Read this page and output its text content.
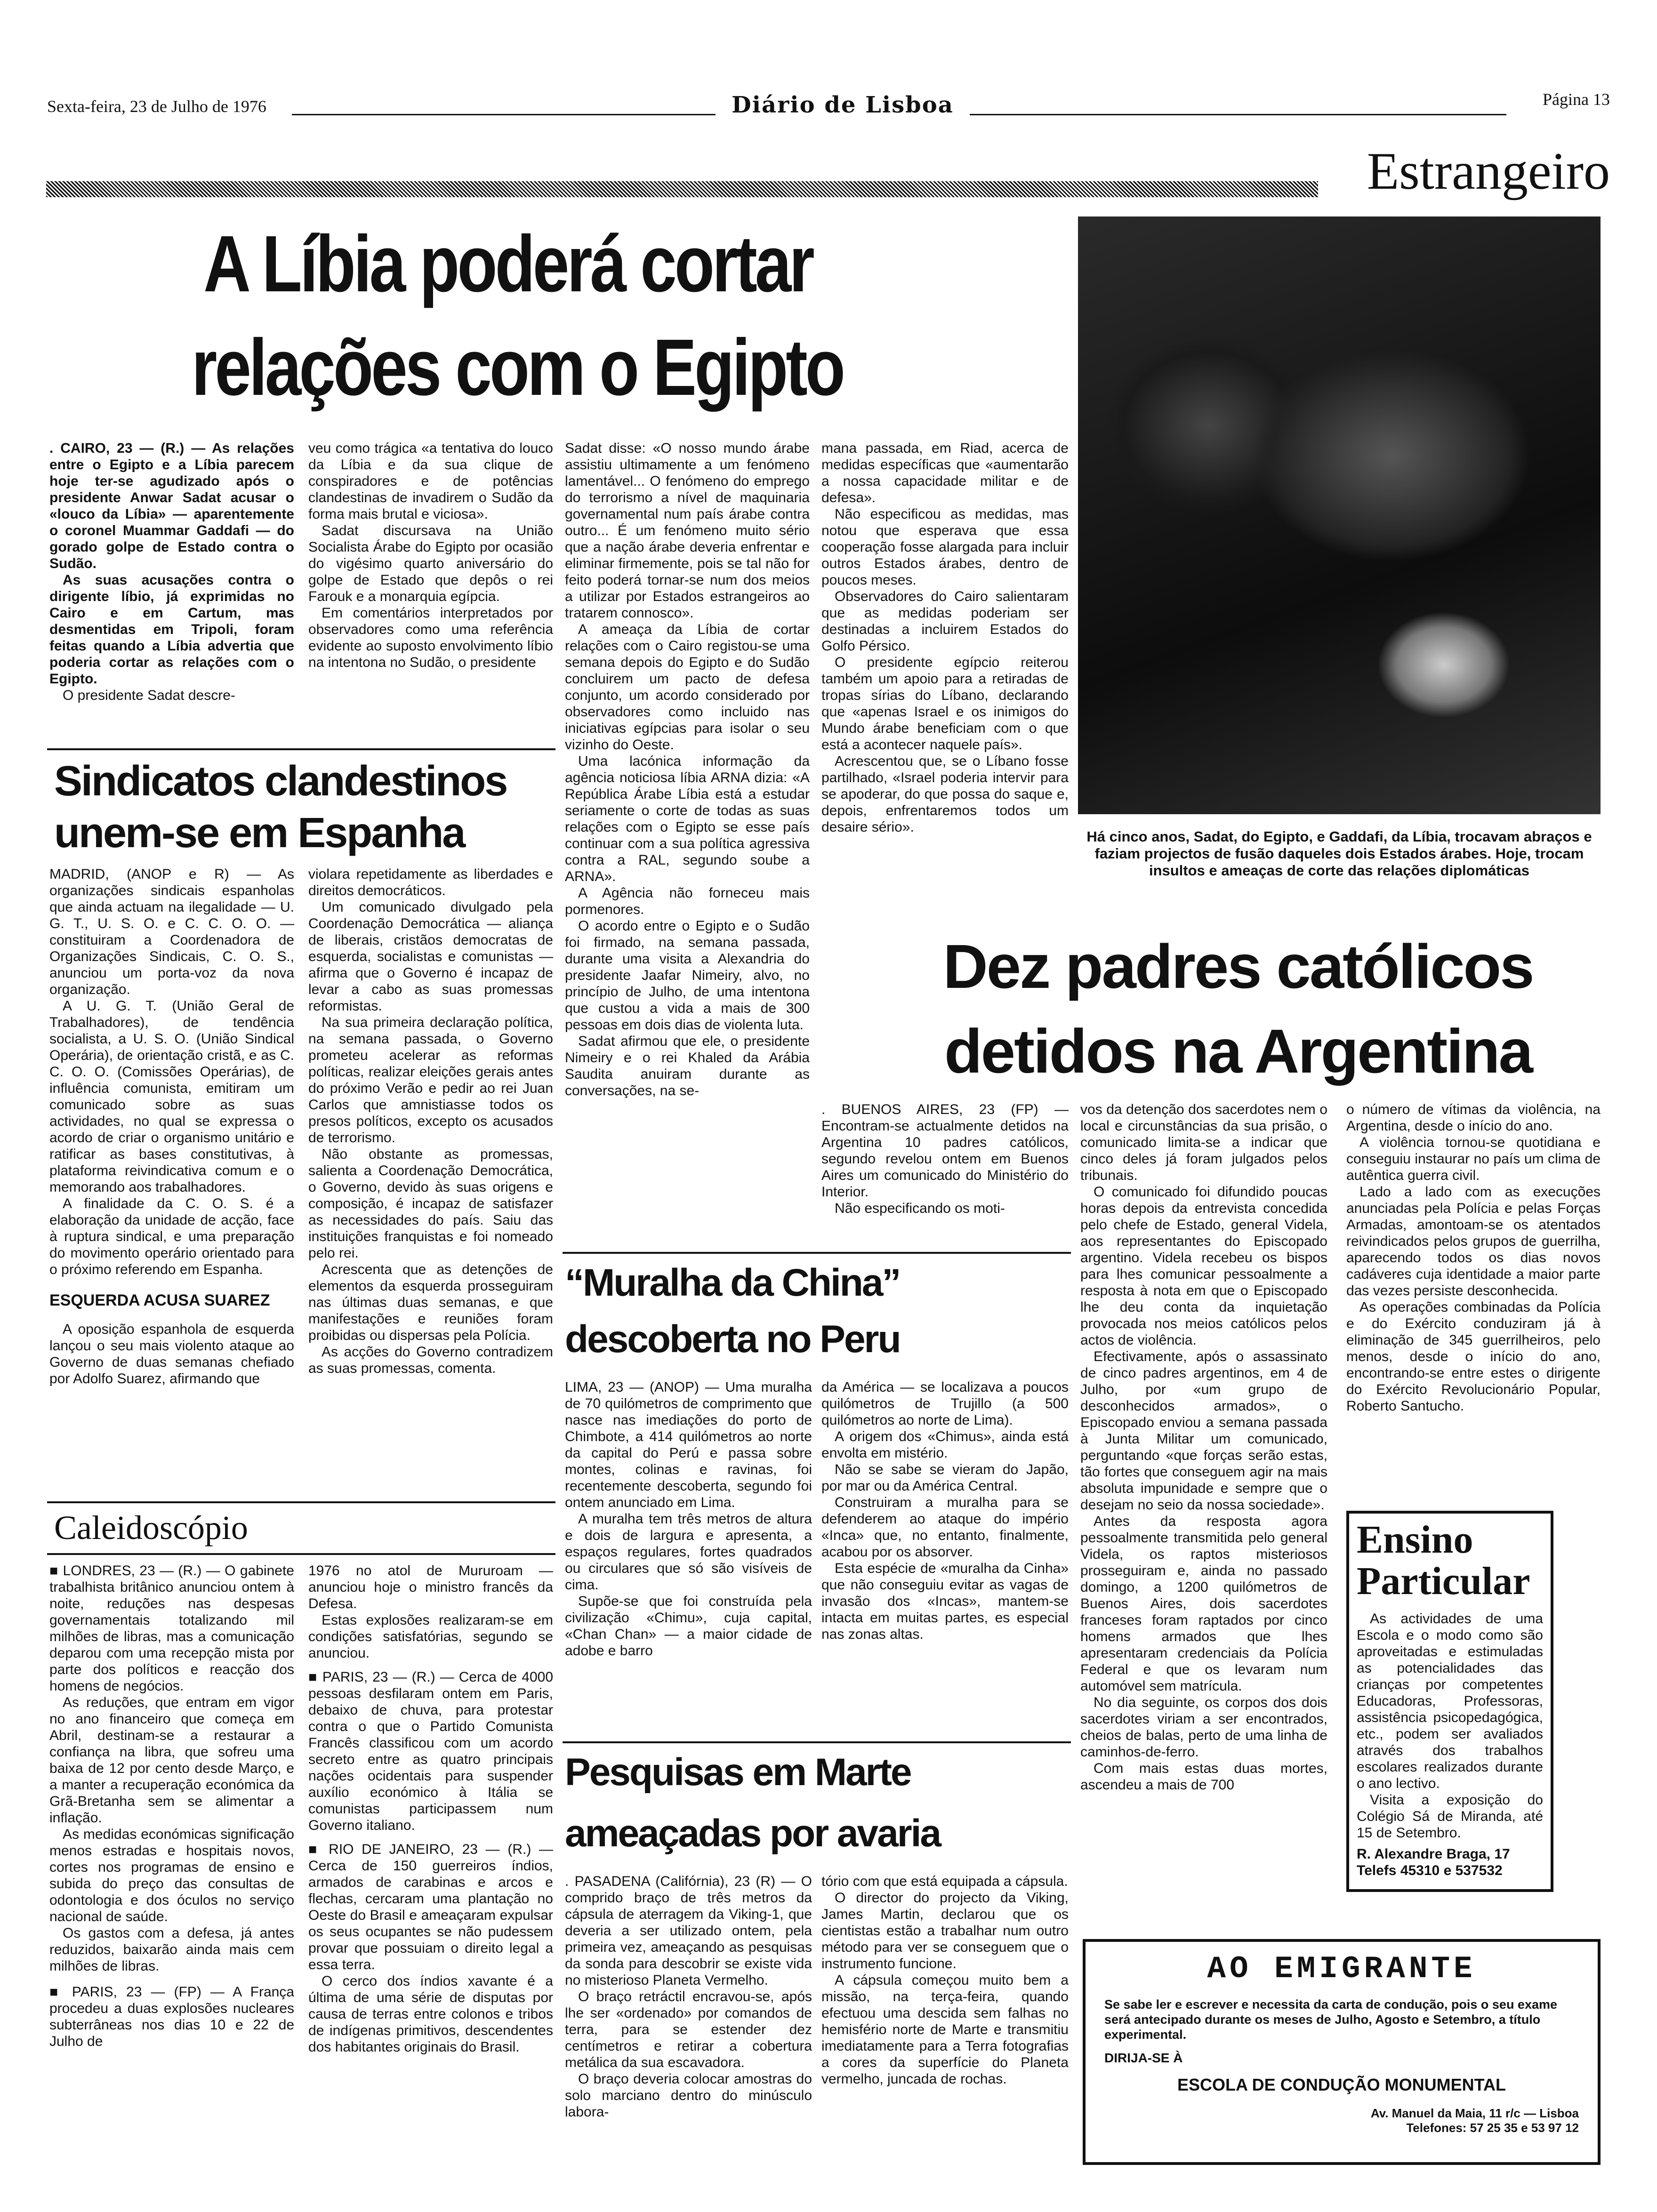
Sexta-feira, 23 de Julho de 1976	Diário de Lisboa	Página 13
Estrangeiro
A Líbia poderá cortar
relações com o Egipto

. CAIRO, 23 — (R.) — As relações entre o Egipto e a Líbia parecem hoje ter-se agudizado após o presidente Anwar Sadat acusar o «louco da Líbia» — aparentemente o coronel Muammar Gaddafi — do gorado golpe de Estado contra o Sudão.

As suas acusações contra o dirigente líbio, já exprimidas no Cairo e em Cartum, mas desmentidas em Tripoli, foram feitas quando a Líbia advertia que poderia cortar as relações com o Egipto.

O presidente Sadat descre-

veu como trágica «a tentativa do louco da Líbia e da sua clique de conspiradores e de potências clandestinas de invadirem o Sudão da forma mais brutal e viciosa».

Sadat discursava na União Socialista Árabe do Egipto por ocasião do vigésimo quarto aniversário do golpe de Estado que depôs o rei Farouk e a monarquia egípcia.

Em comentários interpretados por observadores como uma referência evidente ao suposto envolvimento líbio na intentona no Sudão, o presidente

Sadat disse: «O nosso mundo árabe assistiu ultimamente a um fenómeno lamentável... O fenómeno do emprego do terrorismo a nível de maquinaria governamental num país árabe contra outro... É um fenómeno muito sério que a nação árabe deveria enfrentar e eliminar firmemente, pois se tal não for feito poderá tornar-se num dos meios a utilizar por Estados estrangeiros ao tratarem connosco».

A ameaça da Líbia de cortar relações com o Cairo registou-se uma semana depois do Egipto e do Sudão concluirem um pacto de defesa conjunto, um acordo considerado por observadores como incluido nas iniciativas egípcias para isolar o seu vizinho do Oeste.

Uma lacónica informação da agência noticiosa líbia ARNA dizia: «A República Árabe Líbia está a estudar seriamente o corte de todas as suas relações com o Egipto se esse país continuar com a sua política agressiva contra a RAL, segundo soube a ARNA».

A Agência não forneceu mais pormenores.

O acordo entre o Egipto e o Sudão foi firmado, na semana passada, durante uma visita a Alexandria do presidente Jaafar Nimeiry, alvo, no princípio de Julho, de uma intentona que custou a vida a mais de 300 pessoas em dois dias de violenta luta.

Sadat afirmou que ele, o presidente Nimeiry e o rei Khaled da Arábia Saudita anuiram durante as conversações, na se-

mana passada, em Riad, acerca de medidas específicas que «aumentarão a nossa capacidade militar e de defesa».

Não especificou as medidas, mas notou que esperava que essa cooperação fosse alargada para incluir outros Estados árabes, dentro de poucos meses.

Observadores do Cairo salientaram que as medidas poderiam ser destinadas a incluirem Estados do Golfo Pérsico.

O presidente egípcio reiterou também um apoio para a retiradas de tropas sírias do Líbano, declarando que «apenas Israel e os inimigos do Mundo árabe beneficiam com o que está a acontecer naquele país».

Acrescentou que, se o Líbano fosse partilhado, «Israel poderia intervir para se apoderar, do que possa do saque e, depois, enfrentaremos todos um desaire sério».

Há cinco anos, Sadat, do Egipto, e Gaddafi, da Líbia, trocavam abraços e faziam projectos de fusão daqueles dois Estados árabes. Hoje, trocam insultos e ameaças de corte das relações diplomáticas
Sindicatos clandestinos
unem-se em Espanha

MADRID, (ANOP e R) — As organizações sindicais espanholas que ainda actuam na ilegalidade — U. G. T., U. S. O. e C. C. O. O. — constituiram a Coordenadora de Organizações Sindicais, C. O. S., anunciou um porta-voz da nova organização.

A U. G. T. (União Geral de Trabalhadores), de tendência socialista, a U. S. O. (União Sindical Operária), de orientação cristã, e as C. C. O. O. (Comissões Operárias), de influência comunista, emitiram um comunicado sobre as suas actividades, no qual se expressa o acordo de criar o organismo unitário e ratificar as bases constitutivas, à plataforma reivindicativa comum e o memorando aos trabalhadores.

A finalidade da C. O. S. é a elaboração da unidade de acção, face à ruptura sindical, e uma preparação do movimento operário orientado para o próximo referendo em Espanha.

ESQUERDA ACUSA SUAREZ

A oposição espanhola de esquerda lançou o seu mais violento ataque ao Governo de duas semanas chefiado por Adolfo Suarez, afirmando que

violara repetidamente as liberdades e direitos democráticos.

Um comunicado divulgado pela Coordenação Democrática — aliança de liberais, cristãos democratas de esquerda, socialistas e comunistas — afirma que o Governo é incapaz de levar a cabo as suas promessas reformistas.

Na sua primeira declaração política, na semana passada, o Governo prometeu acelerar as reformas políticas, realizar eleições gerais antes do próximo Verão e pedir ao rei Juan Carlos que amnistiasse todos os presos políticos, excepto os acusados de terrorismo.

Não obstante as promessas, salienta a Coordenação Democrática, o Governo, devido às suas origens e composição, é incapaz de satisfazer as necessidades do país. Saiu das instituições franquistas e foi nomeado pelo rei.

Acrescenta que as detenções de elementos da esquerda prosseguiram nas últimas duas semanas, e que manifestações e reuniões foram proibidas ou dispersas pela Polícia.

As acções do Governo contradizem as suas promessas, comenta.

Caleidoscópio

■ LONDRES, 23 — (R.) — O gabinete trabalhista britânico anunciou ontem à noite, reduções nas despesas governamentais totalizando mil milhões de libras, mas a comunicação deparou com uma recepção mista por parte dos políticos e reacção dos homens de negócios.

As reduções, que entram em vigor no ano financeiro que começa em Abril, destinam-se a restaurar a confiança na libra, que sofreu uma baixa de 12 por cento desde Março, e a manter a recuperação económica da Grã-Bretanha sem se alimentar a inflação.

As medidas económicas significação menos estradas e hospitais novos, cortes nos programas de ensino e subida do preço das consultas de odontologia e dos óculos no serviço nacional de saúde.

Os gastos com a defesa, já antes reduzidos, baixarão ainda mais cem milhões de libras.

■ PARIS, 23 — (FP) — A França procedeu a duas explosões nucleares subterrâneas nos dias 10 e 22 de Julho de

1976 no atol de Mururoam — anunciou hoje o ministro francês da Defesa.

Estas explosões realizaram-se em condições satisfatórias, segundo se anunciou.

■ PARIS, 23 — (R.) — Cerca de 4000 pessoas desfilaram ontem em Paris, debaixo de chuva, para protestar contra o que o Partido Comunista Francês classificou com um acordo secreto entre as quatro principais nações ocidentais para suspender auxílio económico à Itália se comunistas participassem num Governo italiano.

■ RIO DE JANEIRO, 23 — (R.) — Cerca de 150 guerreiros índios, armados de carabinas e arcos e flechas, cercaram uma plantação no Oeste do Brasil e ameaçaram expulsar os seus ocupantes se não pudessem provar que possuiam o direito legal a essa terra.

O cerco dos índios xavante é a última de uma série de disputas por causa de terras entre colonos e tribos de indígenas primitivos, descendentes dos habitantes originais do Brasil.

“Muralha da China”
descoberta no Peru

LIMA, 23 — (ANOP) — Uma muralha de 70 quilómetros de comprimento que nasce nas imediações do porto de Chimbote, a 414 quilómetros ao norte da capital do Perú e passa sobre montes, colinas e ravinas, foi recentemente descoberta, segundo foi ontem anunciado em Lima.

A muralha tem três metros de altura e dois de largura e apresenta, a espaços regulares, fortes quadrados ou circulares que só são visíveis de cima.

Supõe-se que foi construída pela civilização «Chimu», cuja capital, «Chan Chan» — a maior cidade de adobe e barro

da América — se localizava a poucos quilómetros de Trujillo (a 500 quilómetros ao norte de Lima).

A origem dos «Chimus», ainda está envolta em mistério.

Não se sabe se vieram do Japão, por mar ou da América Central.

Construiram a muralha para se defenderem ao ataque do império «Inca» que, no entanto, finalmente, acabou por os absorver.

Esta espécie de «muralha da Cinha» que não conseguiu evitar as vagas de invasão dos «Incas», mantem-se intacta em muitas partes, es especial nas zonas altas.

Pesquisas em Marte
ameaçadas por avaria

. PASADENA (Califórnia), 23 (R) — O comprido braço de três metros da cápsula de aterragem da Viking-1, que deveria a ser utilizado ontem, pela primeira vez, ameaçando as pesquisas da sonda para descobrir se existe vida no misterioso Planeta Vermelho.

O braço retráctil encravou-se, após lhe ser «ordenado» por comandos de terra, para se estender dez centímetros e retirar a cobertura metálica da sua escavadora.

O braço deveria colocar amostras do solo marciano dentro do minúsculo labora-

tório com que está equipada a cápsula.

O director do projecto da Viking, James Martin, declarou que os cientistas estão a trabalhar num outro método para ver se conseguem que o instrumento funcione.

A cápsula começou muito bem a missão, na terça-feira, quando efectuou uma descida sem falhas no hemisfério norte de Marte e transmitiu imediatamente para a Terra fotografias a cores da superfície do Planeta vermelho, juncada de rochas.

Dez padres católicos
detidos na Argentina

. BUENOS AIRES, 23 (FP) — Encontram-se actualmente detidos na Argentina 10 padres católicos, segundo revelou ontem em Buenos Aires um comunicado do Ministério do Interior.

Não especificando os moti-

vos da detenção dos sacerdotes nem o local e circunstâncias da sua prisão, o comunicado limita-se a indicar que cinco deles já foram julgados pelos tribunais.

O comunicado foi difundido poucas horas depois da entrevista concedida pelo chefe de Estado, general Videla, aos representantes do Episcopado argentino. Videla recebeu os bispos para lhes comunicar pessoalmente a resposta à nota em que o Episcopado lhe deu conta da inquietação provocada nos meios católicos pelos actos de violência.

Efectivamente, após o assassinato de cinco padres argentinos, em 4 de Julho, por «um grupo de desconhecidos armados», o Episcopado enviou a semana passada à Junta Militar um comunicado, perguntando «que forças serão estas, tão fortes que conseguem agir na mais absoluta impunidade e sempre que o desejam no seio da nossa sociedade».

Antes da resposta agora pessoalmente transmitida pelo general Videla, os raptos misteriosos prosseguiram e, ainda no passado domingo, a 1200 quilómetros de Buenos Aires, dois sacerdotes franceses foram raptados por cinco homens armados que lhes apresentaram credenciais da Polícia Federal e que os levaram num automóvel sem matrícula.

No dia seguinte, os corpos dos dois sacerdotes viriam a ser encontrados, cheios de balas, perto de uma linha de caminhos-de-ferro.

Com mais estas duas mortes, ascendeu a mais de 700

o número de vítimas da violência, na Argentina, desde o início do ano.

A violência tornou-se quotidiana e conseguiu instaurar no país um clima de autêntica guerra civil.

Lado a lado com as execuções anunciadas pela Polícia e pelas Forças Armadas, amontoam-se os atentados reivindicados pelos grupos de guerrilha, aparecendo todos os dias novos cadáveres cuja identidade a maior parte das vezes persiste desconhecida.

As operações combinadas da Polícia e do Exército conduziram já à eliminação de 345 guerrilheiros, pelo menos, desde o início do ano, encontrando-se entre estes o dirigente do Exército Revolucionário Popular, Roberto Santucho.

Ensino
Particular

As actividades de uma Escola e o modo como são aproveitadas e estimuladas as potencialidades das crianças por competentes Educadoras, Professoras, assistência psicopedagógica, etc., podem ser avaliados através dos trabalhos escolares realizados durante o ano lectivo.

Visita a exposição do Colégio Sá de Miranda, até 15 de Setembro.

R. Alexandre Braga, 17

Telefs 45310 e 537532

AO EMIGRANTE
Se sabe ler e escrever e necessita da carta de condução, pois o seu exame será antecipado durante os meses de Julho, Agosto e Setembro, a título experimental.
DIRIJA-SE À
ESCOLA DE CONDUÇÃO MONUMENTAL
Av. Manuel da Maia, 11 r/c — Lisboa
Telefones: 57 25 35 e 53 97 12
